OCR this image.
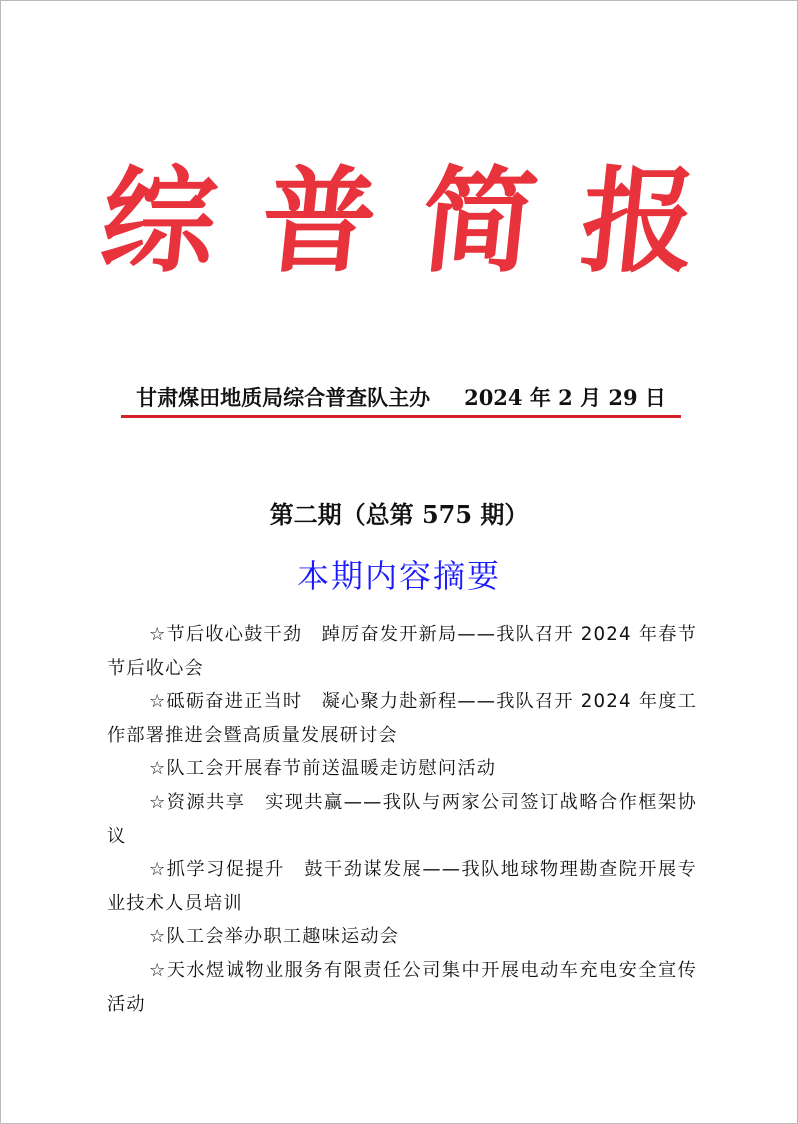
综 普 简 报
甘肃煤田地质局综合普查队主办 2024 年 2 月 29 日
第二期（总第 575 期）
本期内容摘要
☆节后收心鼓干劲　踔厉奋发开新局——我队召开 2024 年春节节后收心会
☆砥砺奋进正当时　凝心聚力赴新程——我队召开 2024 年度工作部署推进会暨高质量发展研讨会
☆队工会开展春节前送温暖走访慰问活动
☆资源共享　实现共赢——我队与两家公司签订战略合作框架协议
☆抓学习促提升　鼓干劲谋发展——我队地球物理勘查院开展专业技术人员培训
☆队工会举办职工趣味运动会
☆天水煜诚物业服务有限责任公司集中开展电动车充电安全宣传活动
